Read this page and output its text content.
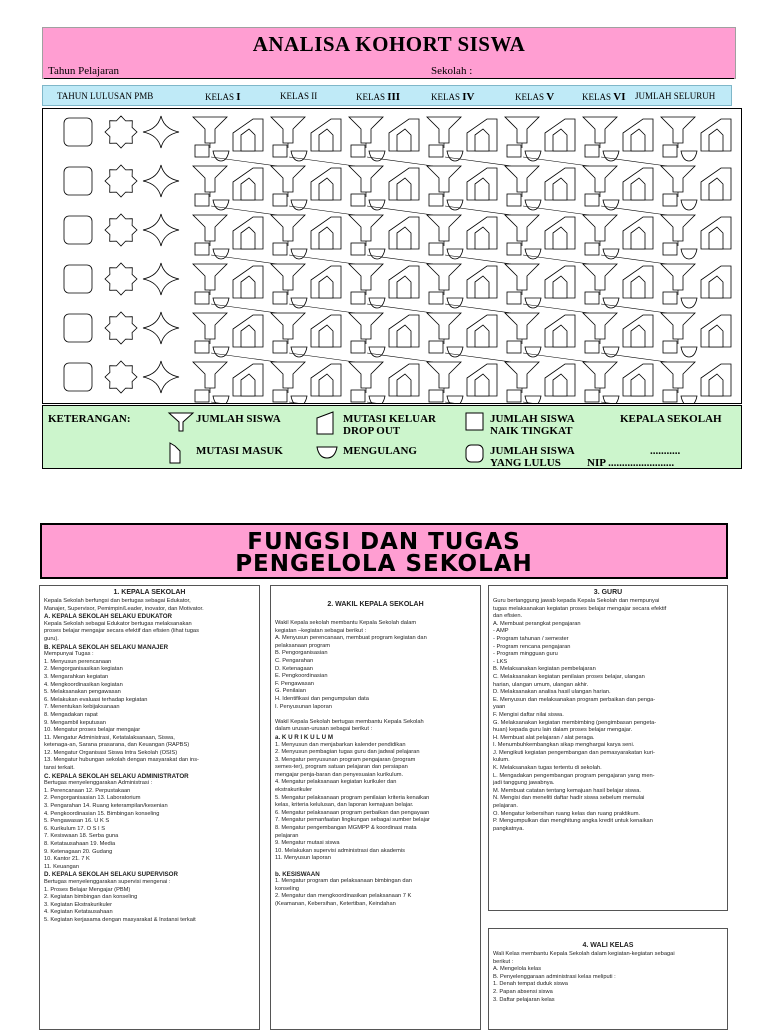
ANALISA KOHORT SISWA
Tahun Pelajaran	Sekolah :
TAHUN LULUSAN PMB	KELAS I	KELAS II	KELAS III	KELAS IV	KELAS V	KELAS VI JUMLAH SELURUH
KETERANGAN:	JUMLAH SISWA	MUTASI KELUAR
DROP OUT
JUMLAH SISWA
NAIK TINGKAT
KEPALA SEKOLAH
MUTASI MASUK	MENGULANG	JUMLAH SISWA
YANG LULUS
...........
NIP ........................
FUNGSI DAN TUGAS
PENGELOLA SEKOLAH
1. KEPALA SEKOLAH
Kepala Sekolah berfungsi dan bertugas sebagai Edukator,
Manajer, Supervisor, Pemimpin/Leader, inovator, dan Motivator.
A. KEPALA SEKOLAH SELAKU EDUKATOR
Kepala Sekolah sebagai Edukator bertugas melaksanakan
proses belajar mengajar secara efektif dan efisien (lihat tugas
guru).
B. KEPALA SEKOLAH SELAKU MANAJER
Mempunyai Tugas :
1. Menyusun perencanaan
2. Mengorganisasikan kegiatan
3. Mengarahkan kegiatan
4. Mengkoordinasikan kegiatan
5. Melaksanakan pengawasan
6. Melakukan evaluasi terhadap kegiatan
7. Menentukan kebijaksanaan
8. Mengadakan rapat
9. Mengambil keputusan
10. Mengatur proses belajar mengajar
11. Mengatur Administrasi, Ketatalaksanaan, Siswa,
ketenaga-an, Sarana prasarana, dan Keuangan (RAPBS)
12. Mengatur Organisasi Siswa Intra Sekolah (OSIS)
13. Mengatur hubungan sekolah dengan masyarakat dan ins-
tansi terkait.
C. KEPALA SEKOLAH SELAKU ADMINISTRATOR
Bertugas menyelenggarakan Administrasi :
1. Perencanaan 12. Perpustakaan
2. Pengorganisasian 13. Laboratorium
3. Pengarahan 14. Ruang keterampilan/kesenian
4. Pengkoordinasian 15. Bimbingan konseling
5. Pengawasan 16. U K S
6. Kurikulum 17. O S I S
7. Kesiswaan 18. Serba guna
8. Ketatausahaan 19. Media
9. Ketenagaan 20. Gudang
10. Kantor 21. 7 K
11. Keuangan
D. KEPALA SEKOLAH SELAKU SUPERVISOR
Bertugas menyelenggarakan supervisi mengenai :
1. Proses Belajar Mengajar (PBM)
2. Kegiatan bimbingan dan konseling
3. Kegiatan Ekstrakurikuler
4. Kegiatan Ketatausahaan
5. Kegiatan kerjasama dengan masyarakat & Instansi terkait
2. WAKIL KEPALA SEKOLAH
Wakil Kepala sekolah membantu Kepala Sekolah dalam
kegiatan –kegiatan sebagai berikut :
A. Menyusun perencanaan, membuat program kegiatan dan
pelaksanaan program
B. Pengorganisasian
C. Pengarahan
D. Ketenagaan
E. Pengkoordinasian
F. Pengawasan
G. Penilaian
H. Identifikasi dan pengumpulan data
I. Penyusunan laporan

Wakil Kepala Sekolah bertugas membantu Kepala Sekolah
dalam urusan-urusan sebagai berikut :
a. K U R I K U L U M
1. Menyusun dan menjabarkan kalender pendidikan
2. Menyusun pembagian tugas guru dan jadwal pelajaran
3. Mengatur penyusunan program pengajaran (program
semes-ter), program satuan pelajaran dan persiapan
mengajar penja-baran dan penyesuaian kurikulum.
4. Mengatur pelaksanaan kegiatan kurikuler dan
ekstrakurikuler
5. Mengatur pelaksanaan program penilaian kriteria kenaikan
kelas, kriteria kelulusan, dan laporan kemajuan belajar.
6. Mengatur pelaksanaan program perbaikan dan pengayaan
7. Mengatur pemanfaatan lingkungan sebagai sumber belajar
8. Mengatur pengembangan MGMPP & koordinasi mata
pelajaran
9. Mengatur mutasi siswa
10. Melakukan supervisi administrasi dan akademis
11. Menyusun laporan

b. KESISWAAN
1. Mengatur program dan pelaksanaan bimbingan dan
konseling
2. Mengatur dan mengkoordinasikan pelaksanaan 7 K
(Keamanan, Kebersihan, Ketertiban, Keindahan
3. GURU
Guru bertanggung jawab kepada Kepala Sekolah dan mempunyai
tugas melaksanakan kegiatan proses belajar mengajar secara efektif
dan efisien.
A. Membuat perangkat pengajaran
- AMP
- Program tahunan / semester
- Program rencana pengajaran
- Program mingguan guru
- LKS
B. Melaksanakan kegiatan pembelajaran
C. Melaksanakan kegiatan penilaian proses belajar, ulangan
harian, ulangan umum, ulangan akhir.
D. Melaksanakan analisa hasil ulangan harian.
E. Menyusun dan melaksanakan program perbaikan dan penga-
yaan
F. Mengisi daftar nilai siswa.
G. Melaksanakan kegiatan membimbing (pengimbasan pengeta-
huan) kepada guru lain dalam proses belajar mengajar.
H. Membuat alat pelajaran / alat peraga.
I. Menumbuhkembangkan sikap menghargai karya seni.
J. Mengikuti kegiatan pengembangan dan pemasyarakatan kuri-
kulum.
K. Melaksanakan tugas tertentu di sekolah.
L. Mengadakan pengembangan program pengajaran yang men-
jadi tanggung jawabnya.
M. Membuat catatan tentang kemajuan hasil belajar siswa.
N. Mengisi dan meneliti daftar hadir siswa sebelum memulai
pelajaran.
O. Mengatur kebersihan ruang kelas dan ruang praktikum.
P. Mengumpulkan dan menghitung angka kredit untuk kenaikan
pangkatnya.
4. WALI KELAS
Wali Kelas membantu Kepala Sekolah dalam kegiatan-kegiatan sebagai
berikut :
A. Mengelola kelas
B. Penyelenggaraan administrasi kelas meliputi :
1. Denah tempat duduk siswa
2. Papan absensi siswa
3. Daftar pelajaran kelas
